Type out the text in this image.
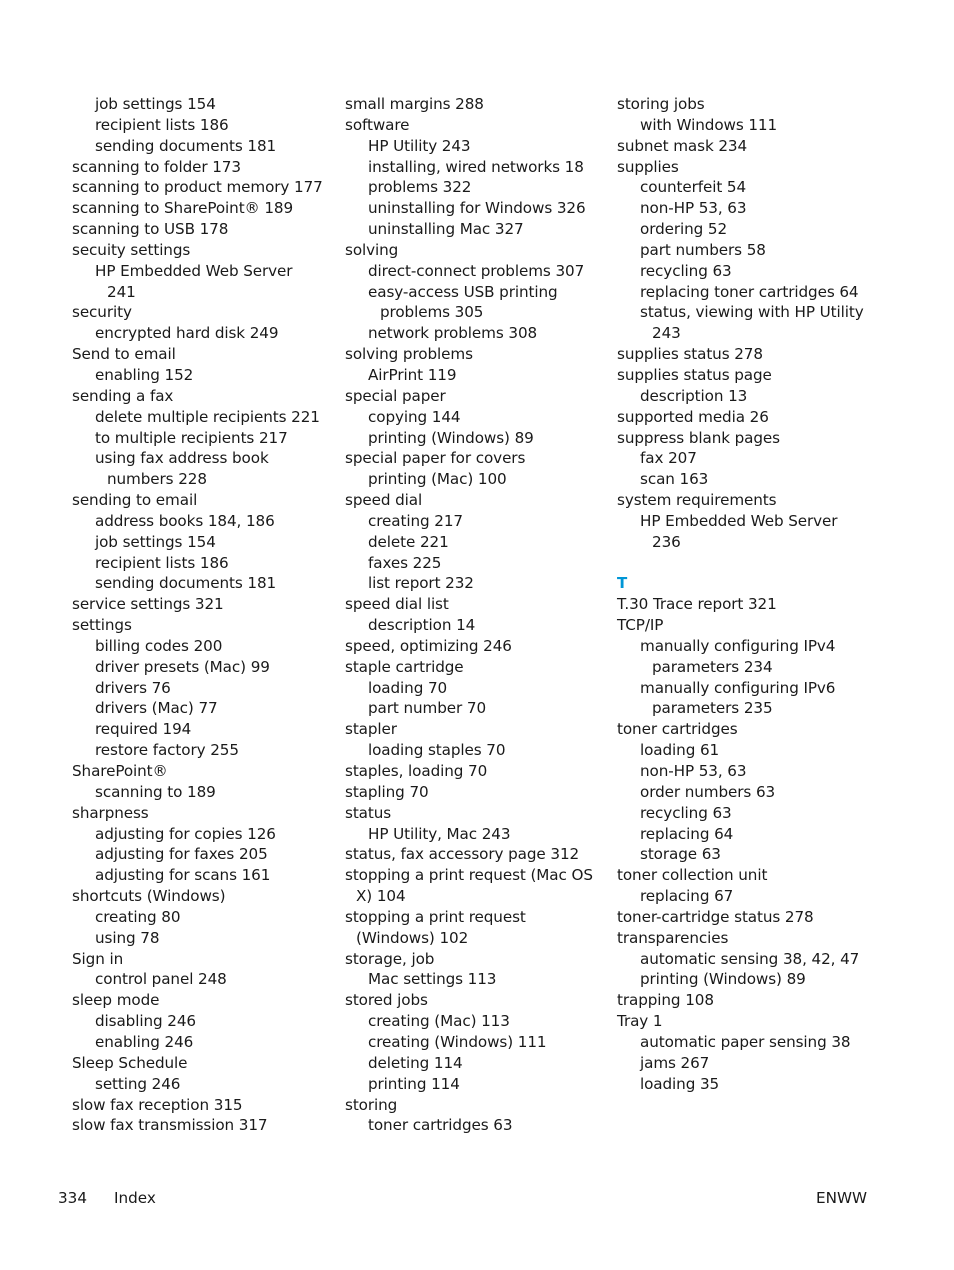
job settings 154
recipient lists 186
sending documents 181
scanning to folder 173
scanning to product memory 177
scanning to SharePoint® 189
scanning to USB 178
secuity settings
HP Embedded Web Server
241
security
encrypted hard disk 249
Send to email
enabling 152
sending a fax
delete multiple recipients 221
to multiple recipients 217
using fax address book
numbers 228
sending to email
address books 184, 186
job settings 154
recipient lists 186
sending documents 181
service settings 321
settings
billing codes 200
driver presets (Mac) 99
drivers 76
drivers (Mac) 77
required 194
restore factory 255
SharePoint®
scanning to 189
sharpness
adjusting for copies 126
adjusting for faxes 205
adjusting for scans 161
shortcuts (Windows)
creating 80
using 78
Sign in
control panel 248
sleep mode
disabling 246
enabling 246
Sleep Schedule
setting 246
slow fax reception 315
slow fax transmission 317
small margins 288
software
HP Utility 243
installing, wired networks 18
problems 322
uninstalling for Windows 326
uninstalling Mac 327
solving
direct-connect problems 307
easy-access USB printing
problems 305
network problems 308
solving problems
AirPrint 119
special paper
copying 144
printing (Windows) 89
special paper for covers
printing (Mac) 100
speed dial
creating 217
delete 221
faxes 225
list report 232
speed dial list
description 14
speed, optimizing 246
staple cartridge
loading 70
part number 70
stapler
loading staples 70
staples, loading 70
stapling 70
status
HP Utility, Mac 243
status, fax accessory page 312
stopping a print request (Mac OS
X) 104
stopping a print request
(Windows) 102
storage, job
Mac settings 113
stored jobs
creating (Mac) 113
creating (Windows) 111
deleting 114
printing 114
storing
toner cartridges 63
storing jobs
with Windows 111
subnet mask 234
supplies
counterfeit 54
non-HP 53, 63
ordering 52
part numbers 58
recycling 63
replacing toner cartridges 64
status, viewing with HP Utility
243
supplies status 278
supplies status page
description 13
supported media 26
suppress blank pages
fax 207
scan 163
system requirements
HP Embedded Web Server
236
T
T.30 Trace report 321
TCP/IP
manually configuring IPv4
parameters 234
manually configuring IPv6
parameters 235
toner cartridges
loading 61
non-HP 53, 63
order numbers 63
recycling 63
replacing 64
storage 63
toner collection unit
replacing 67
toner-cartridge status 278
transparencies
automatic sensing 38, 42, 47
printing (Windows) 89
trapping 108
Tray 1
automatic paper sensing 38
jams 267
loading 35
334 Index	ENWW
